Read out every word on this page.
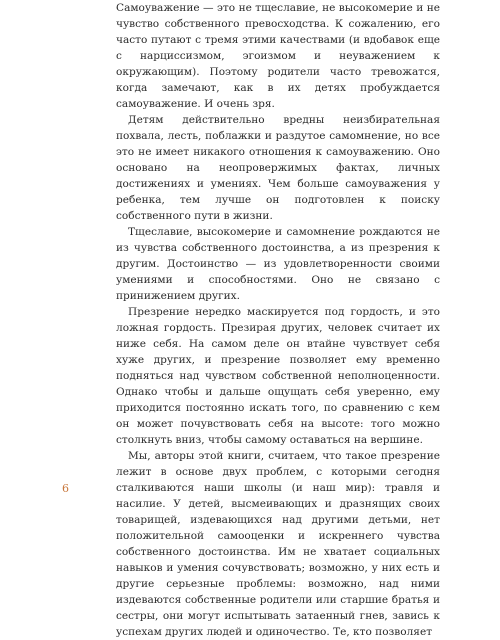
Самоуважение — это не тщеславие, не высокомерие и не чувство собственного превосходства. К сожалению, его часто путают с тремя этими качествами (и вдобавок еще с нарциссизмом, эгоизмом и неуважением к окружающим). Поэтому родители часто тревожатся, когда замечают, как в их детях пробуждается самоуважение. И очень зря.

Детям действительно вредны неизбирательная похвала, лесть, поблажки и раздутое самомнение, но все это не имеет никакого отношения к самоуважению. Оно основано на неопровержимых фактах, личных достижениях и умениях. Чем больше самоуважения у ребенка, тем лучше он подготовлен к поиску собственного пути в жизни.

Тщеславие, высокомерие и самомнение рождаются не из чувства собственного достоинства, а из презрения к другим. Достоинство — из удовлетворенности своими умениями и способностями. Оно не связано с принижением других.

Презрение нередко маскируется под гордость, и это ложная гордость. Презирая других, человек считает их ниже себя. На самом деле он втайне чувствует себя хуже других, и презрение позволяет ему временно подняться над чувством собственной неполноценности. Однако чтобы и дальше ощущать себя уверенно, ему приходится постоянно искать того, по сравнению с кем он может почувствовать себя на высоте: того можно столкнуть вниз, чтобы самому оставаться на вершине.

Мы, авторы этой книги, считаем, что такое презрение лежит в основе двух проблем, с которыми сегодня сталкиваются наши школы (и наш мир): травля и насилие. У детей, высмеивающих и дразнящих своих товарищей, издевающихся над другими детьми, нет положительной самооценки и искреннего чувства собственного достоинства. Им не хватает социальных навыков и умения сочувствовать; возможно, у них есть и другие серьезные проблемы: возможно, над ними издеваются собственные родители или старшие братья и сестры, они могут испытывать затаенный гнев, завись к успехам других людей и одиночество. Те, кто позволяет

6
